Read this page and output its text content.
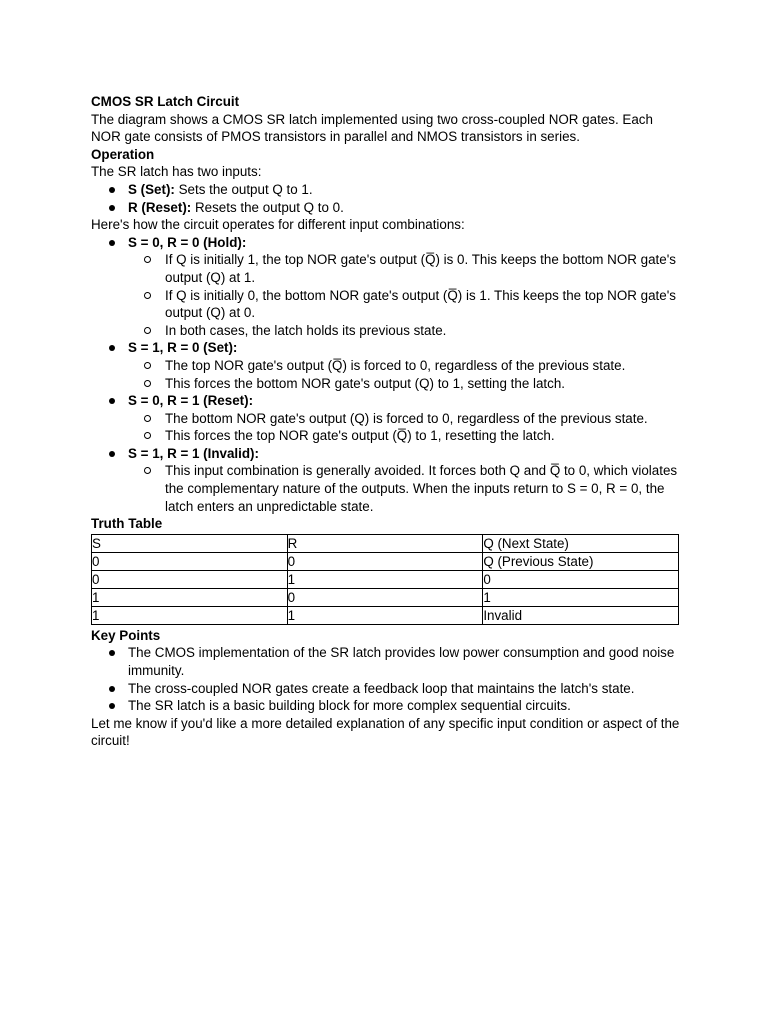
CMOS SR Latch Circuit

The diagram shows a CMOS SR latch implemented using two cross-coupled NOR gates. Each NOR gate consists of PMOS transistors in parallel and NMOS transistors in series.

Operation

The SR latch has two inputs:

S (Set): Sets the output Q to 1.
R (Reset): Resets the output Q to 0.

Here's how the circuit operates for different input combinations:

S = 0, R = 0 (Hold):
If Q is initially 1, the top NOR gate's output (Q̅) is 0. This keeps the bottom NOR gate's output (Q) at 1.
If Q is initially 0, the bottom NOR gate's output (Q̅) is 1. This keeps the top NOR gate's output (Q) at 0.
In both cases, the latch holds its previous state.
S = 1, R = 0 (Set):
The top NOR gate's output (Q̅) is forced to 0, regardless of the previous state.
This forces the bottom NOR gate's output (Q) to 1, setting the latch.
S = 0, R = 1 (Reset):
The bottom NOR gate's output (Q) is forced to 0, regardless of the previous state.
This forces the top NOR gate's output (Q̅) to 1, resetting the latch.
S = 1, R = 1 (Invalid):
This input combination is generally avoided. It forces both Q and Q̅ to 0, which violates the complementary nature of the outputs. When the inputs return to S = 0, R = 0, the latch enters an unpredictable state.

Truth Table

S	R	Q (Next State)
0	0	Q (Previous State)
0	1	0
1	0	1
1	1	Invalid

Key Points

The CMOS implementation of the SR latch provides low power consumption and good noise immunity.
The cross-coupled NOR gates create a feedback loop that maintains the latch's state.
The SR latch is a basic building block for more complex sequential circuits.

Let me know if you'd like a more detailed explanation of any specific input condition or aspect of the circuit!
